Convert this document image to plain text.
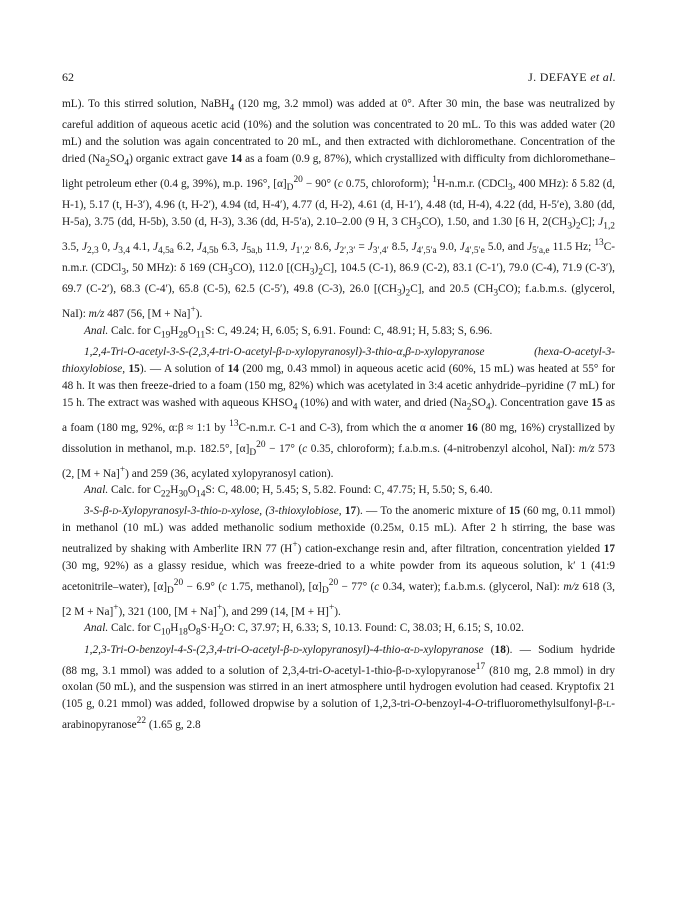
62	J. DEFAYE et al.

mL). To this stirred solution, NaBH$_4$ (120 mg, 3.2 mmol) was added at 0°. After 30 min, the base was neutralized by careful addition of aqueous acetic acid (10%) and the solution was concentrated to 20 mL. To this was added water (20 mL) and the solution was again concentrated to 20 mL, and then extracted with dichloromethane. Concentration of the dried $(Na_2SO_4)$ organic extract gave 14 as a foam (0.9 g, 87%), which crystallized with difficulty from dichloromethane–light petroleum ether (0.4 g, 39%), m.p. 196°, $[\alpha]_D^{20} - 90^\circ$ (c 0.75, chloroform); $^1$H-n.m.r. (CDCl$_3$, 400 MHz): δ 5.82 (d, H-1), 5.17 (t, H-3′), 4.96 (t, H-2′), 4.94 (td, H-4′), 4.77 (d, H-2), 4.61 (d, H-1′), 4.48 (td, H-4), 4.22 (dd, H-5′e), 3.80 (dd, H-5a), 3.75 (dd, H-5b), 3.50 (d, H-3), 3.36 (dd, H-5′a), 2.10–2.00 (9 H, 3 $CH_3CO$), 1.50, and 1.30 [6 H, $2(CH_3)_2C$]; $J_{1,2}$ 3.5, $J_{2,3}$ 0, $J_{3,4}$ 4.1, $J_{4,5a}$ 6.2, $J_{4,5b}$ 6.3, $J_{5a,b}$ 11.9, $J_{1',2'}$ 8.6, $J_{2',3'} = J_{3',4'}$ 8.5, $J_{4',5'a}$ 9.0, $J_{4',5'e}$ 5.0, and $J_{5'a,e}$ 11.5 Hz; $^{13}$C-n.m.r. (CDCl$_3$, 50 MHz): δ 169 $(CH_3CO)$, 112.0 $[(CH_3)_2C]$, 104.5 (C-1), 86.9 (C-2), 83.1 (C-1′), 79.0 (C-4), 71.9 (C-3′), 69.7 (C-2′), 68.3 (C-4′), 65.8 (C-5), 62.5 (C-5′), 49.8 (C-3), 26.0 $[(CH_3)_2C]$, and 20.5 $(CH_3CO)$; f.a.b.m.s. (glycerol, NaI): m/z 487 (56, [M + Na]+).

Anal. Calc. for $C_{19}H_{28}O_{11}S$: C, 49.24; H, 6.05; S, 6.91. Found: C, 48.91; H, 5.83; S, 6.96.

1,2,4-Tri-O-acetyl-3-S-(2,3,4-tri-O-acetyl-β-d-xylopyranosyl)-3-thio-α,β-d-xylopyranose (hexa-O-acetyl-3-thioxylobiose, 15). — A solution of 14 (200 mg, 0.43 mmol) in aqueous acetic acid (60%, 15 mL) was heated at 55° for 48 h. It was then freeze-dried to a foam (150 mg, 82%) which was acetylated in 3:4 acetic anhydride–pyridine (7 mL) for 15 h. The extract was washed with aqueous $KHSO_4$ (10%) and with water, and dried $(Na_2SO_4)$. Concentration gave 15 as a foam (180 mg, 92%, α:β ≈ 1:1 by $^{13}$C-n.m.r. C-1 and C-3), from which the α anomer 16 (80 mg, 16%) crystallized by dissolution in methanol, m.p. 182.5°, $[\alpha]_D^{20} - 17^\circ$ (c 0.35, chloroform); f.a.b.m.s. (4-nitrobenzyl alcohol, NaI): m/z 573 (2, [M + Na]+) and 259 (36, acylated xylopyranosyl cation).

Anal. Calc. for $C_{22}H_{30}O_{14}S$: C, 48.00; H, 5.45; S, 5.82. Found: C, 47.75; H, 5.50; S, 6.40.

3-S-β-d-Xylopyranosyl-3-thio-d-xylose, (3-thioxylobiose, 17). — To the anomeric mixture of 15 (60 mg, 0.11 mmol) in methanol (10 mL) was added methanolic sodium methoxide (0.25m, 0.15 mL). After 2 h stirring, the base was neutralized by shaking with Amberlite IRN 77 (H+) cation-exchange resin and, after filtration, concentration yielded 17 (30 mg, 92%) as a glassy residue, which was freeze-dried to a white powder from its aqueous solution, k′ 1 (41:9 acetonitrile–water), $[\alpha]_D^{20} - 6.9^\circ$ (c 1.75, methanol), $[\alpha]_D^{20} - 77^\circ$ (c 0.34, water); f.a.b.m.s. (glycerol, NaI): m/z 618 (3, [2 M + Na]+), 321 (100, [M + Na]+), and 299 (14, [M + H]+).

Anal. Calc. for $C_{10}H_{18}O_8S\cdot H_2O$: C, 37.97; H, 6.33; S, 10.13. Found: C, 38.03; H, 6.15; S, 10.02.

1,2,3-Tri-O-benzoyl-4-S-(2,3,4-tri-O-acetyl-β-d-xylopyranosyl)-4-thio-α-d-xylopyranose (18). — Sodium hydride (88 mg, 3.1 mmol) was added to a solution of 2,3,4-tri-O-acetyl-1-thio-β-d-xylopyranose$^{17}$ (810 mg, 2.8 mmol) in dry oxolan (50 mL), and the suspension was stirred in an inert atmosphere until hydrogen evolution had ceased. Kryptofix 21 (105 g, 0.21 mmol) was added, followed dropwise by a solution of 1,2,3-tri-O-benzoyl-4-O-trifluoromethylsulfonyl-β-l-arabinopyranose$^{22}$ (1.65 g, 2.8
